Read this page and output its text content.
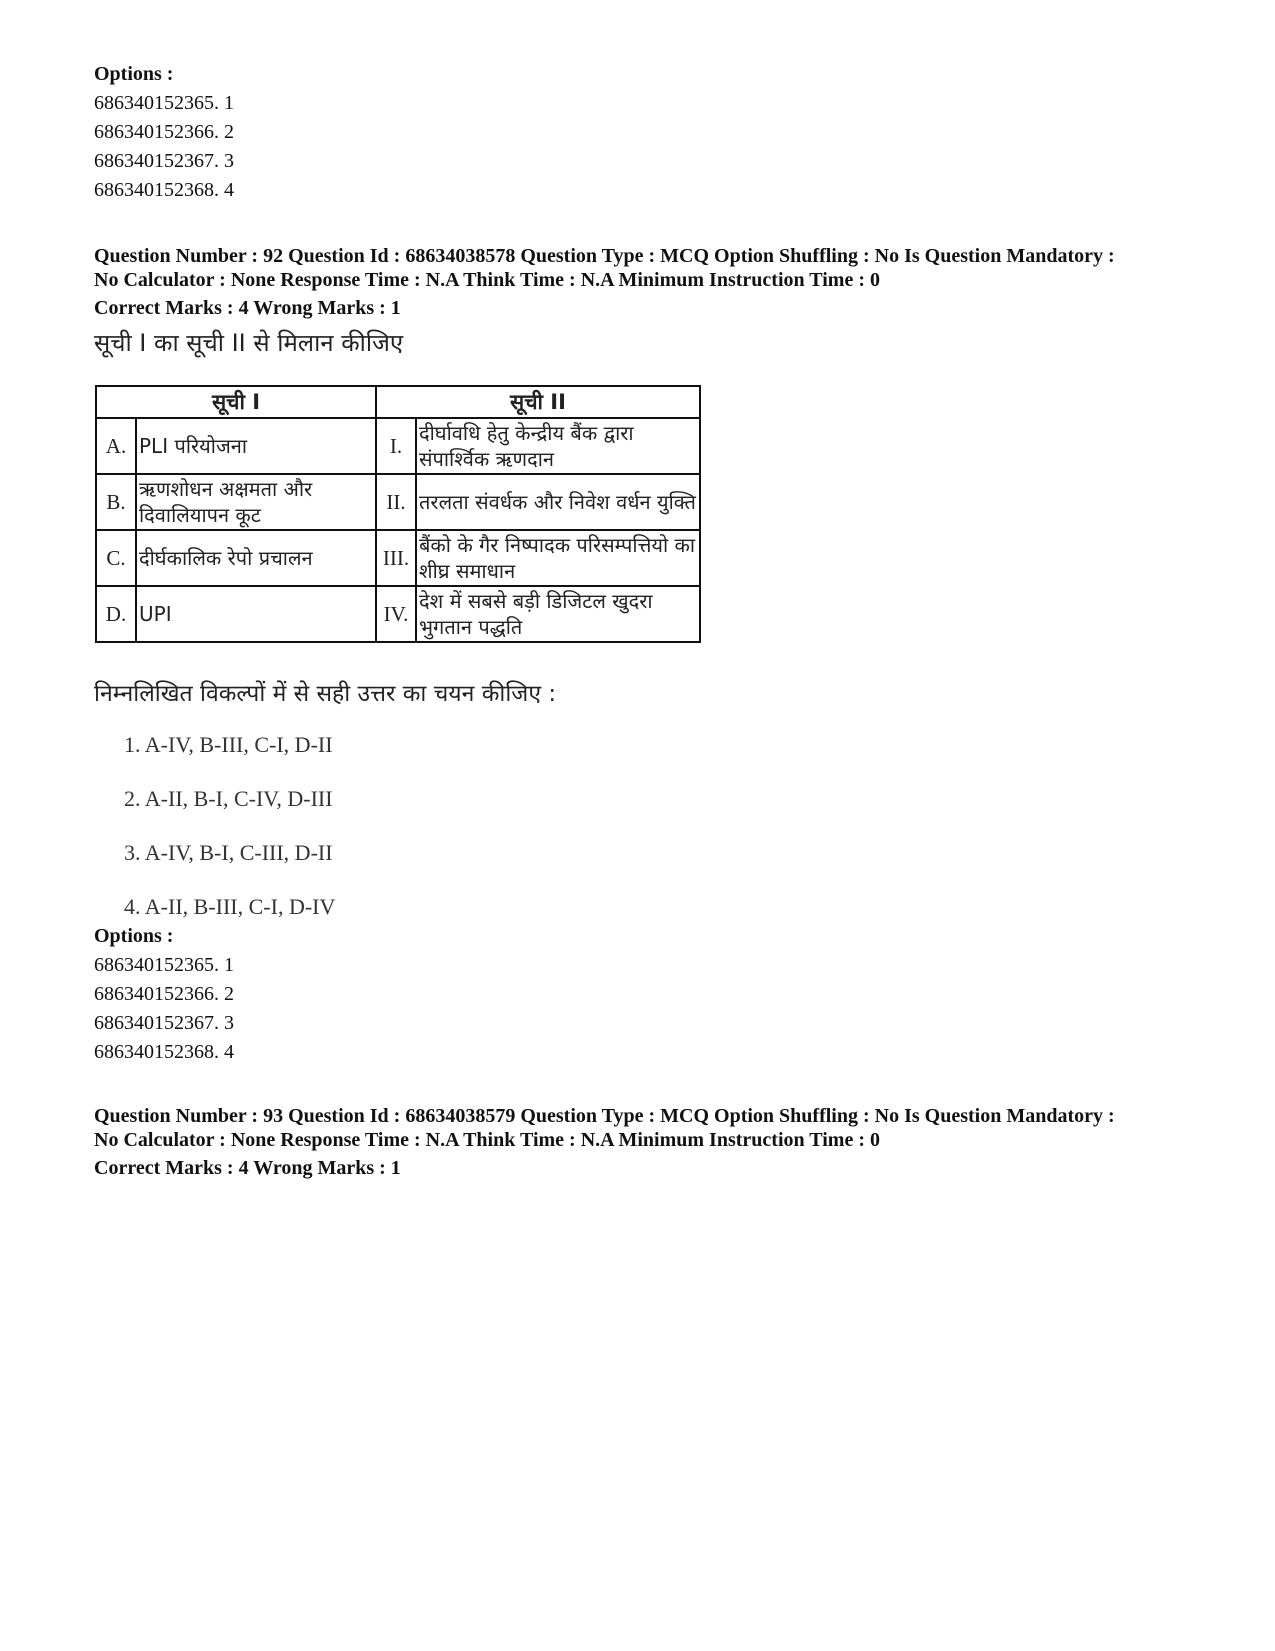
Options :

686340152365. 1

686340152366. 2

686340152367. 3

686340152368. 4

Question Number : 92 Question Id : 68634038578 Question Type : MCQ Option Shuffling : No Is Question Mandatory :

No Calculator : None Response Time : N.A Think Time : N.A Minimum Instruction Time : 0

Correct Marks : 4 Wrong Marks : 1

सूची I का सूची II से मिलान कीजिए
सूची I		सूची II	
A.	PLI परियोजना	I.	दीर्घावधि हेतु केन्द्रीय बैंक द्वारा संपार्श्विक ऋणदान
B.	ऋणशोधन अक्षमता और दिवालियापन कूट	II.	तरलता संवर्धक और निवेश वर्धन युक्ति
C.	दीर्घकालिक रेपो प्रचालन	III.	बैंको के गैर निष्पादक परिसम्पत्तियो का शीघ्र समाधान
D.	UPI	IV.	देश में सबसे बड़ी डिजिटल खुदरा भुगतान पद्धति
निम्नलिखित विकल्पों में से सही उत्तर का चयन कीजिए :
1. A-IV, B-III, C-I, D-II
2. A-II, B-I, C-IV, D-III
3. A-IV, B-I, C-III, D-II
4. A-II, B-III, C-I, D-IV

Options :

686340152365. 1

686340152366. 2

686340152367. 3

686340152368. 4

Question Number : 93 Question Id : 68634038579 Question Type : MCQ Option Shuffling : No Is Question Mandatory :

No Calculator : None Response Time : N.A Think Time : N.A Minimum Instruction Time : 0

Correct Marks : 4 Wrong Marks : 1
